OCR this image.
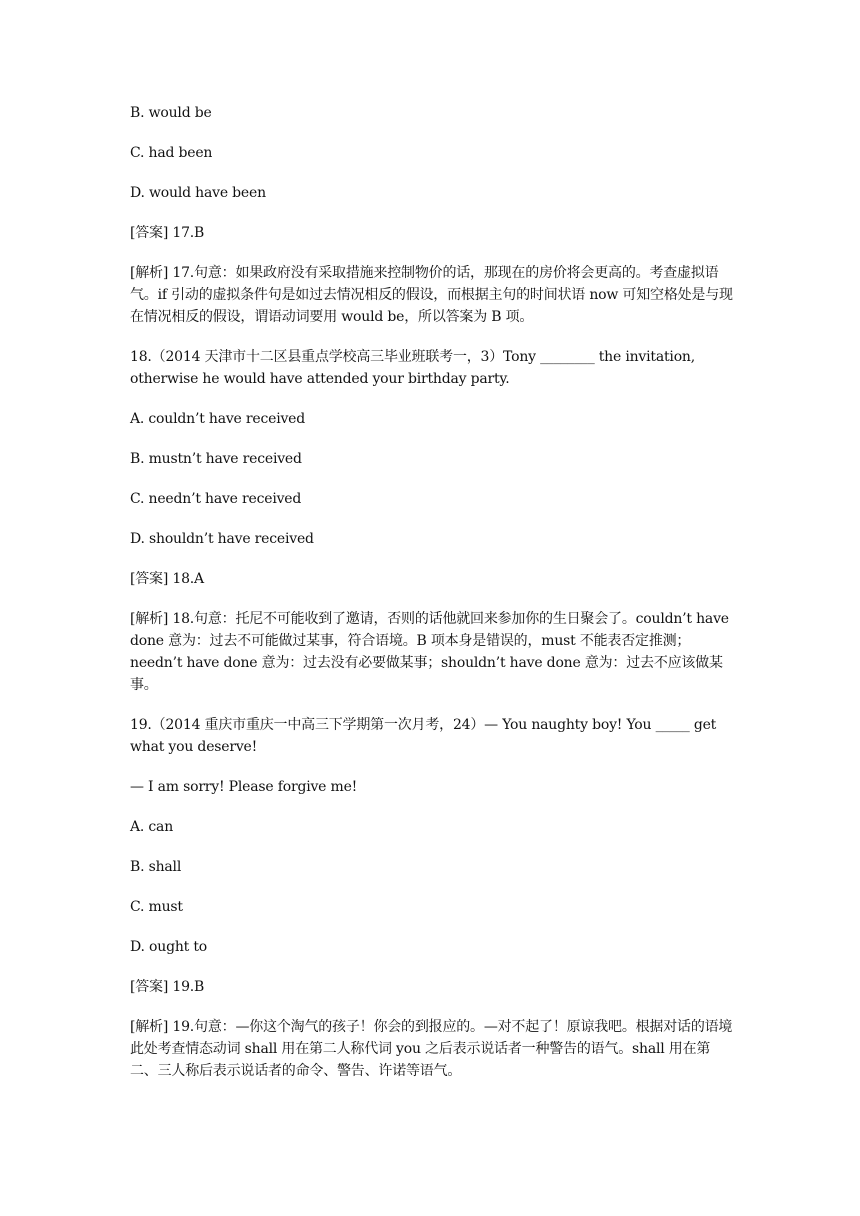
B. would be

C. had been

D. would have been

[答案] 17.B

[解析] 17.句意：如果政府没有采取措施来控制物价的话，那现在的房价将会更高的。考查虚拟语气。if 引动的虚拟条件句是如过去情况相反的假设，而根据主句的时间状语 now 可知空格处是与现在情况相反的假设，谓语动词要用 would be，所以答案为 B 项。

18.（2014 天津市十二区县重点学校高三毕业班联考一，3）Tony ________ the invitation, otherwise he would have attended your birthday party.

A. couldn’t have received

B. mustn’t have received

C. needn’t have received

D. shouldn’t have received

[答案] 18.A

[解析] 18.句意：托尼不可能收到了邀请，否则的话他就回来参加你的生日聚会了。couldn’t have done 意为：过去不可能做过某事，符合语境。B 项本身是错误的，must 不能表否定推测；needn’t have done 意为：过去没有必要做某事；shouldn’t have done 意为：过去不应该做某事。

19.（2014 重庆市重庆一中高三下学期第一次月考，24）— You naughty boy! You _____ get what you deserve!

— I am sorry! Please forgive me!

A. can

B. shall

C. must

D. ought to

[答案] 19.B

[解析] 19.句意：—你这个淘气的孩子！你会的到报应的。—对不起了！原谅我吧。根据对话的语境此处考查情态动词 shall 用在第二人称代词 you 之后表示说话者一种警告的语气。shall 用在第二、三人称后表示说话者的命令、警告、许诺等语气。
